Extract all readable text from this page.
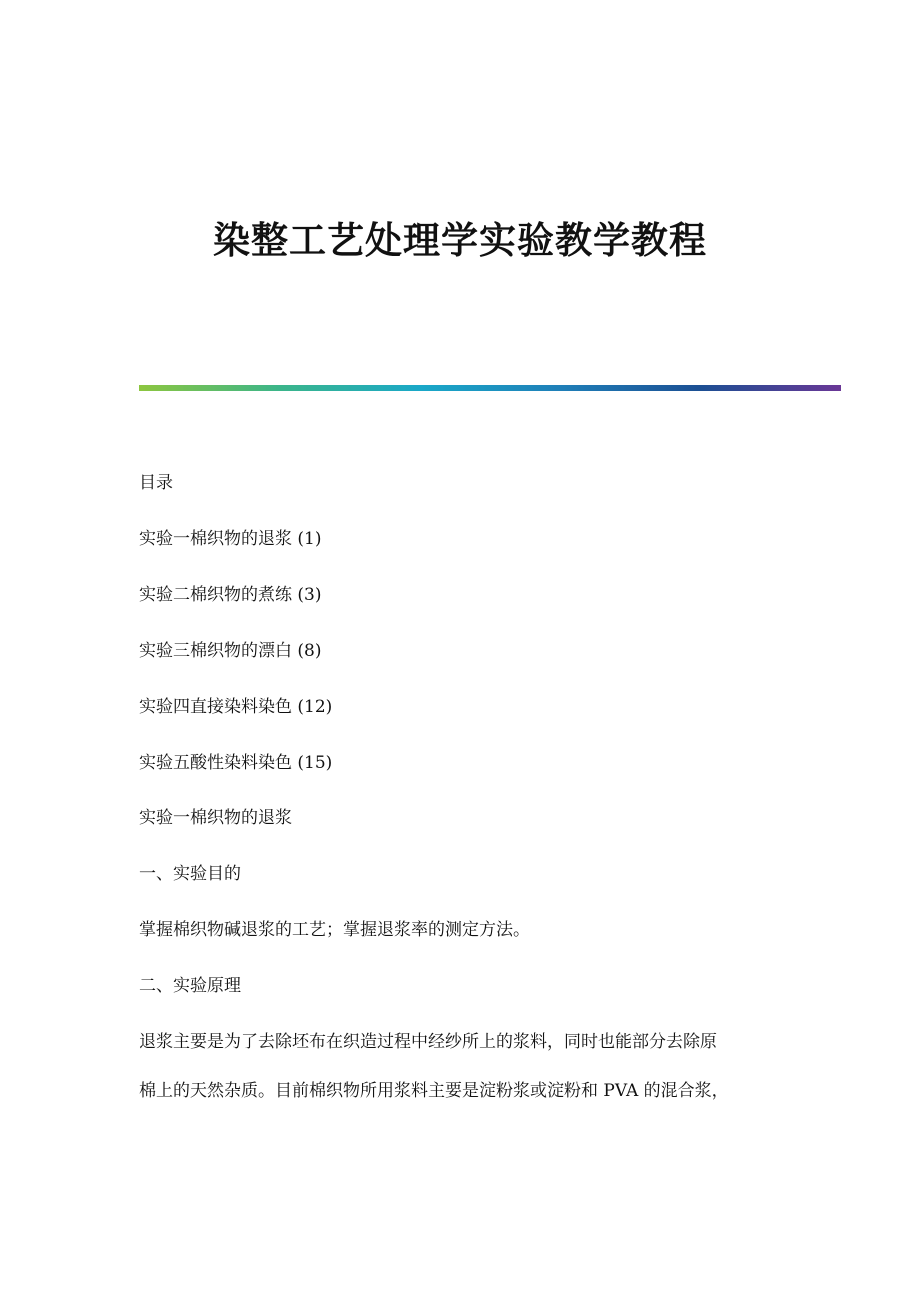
染整工艺处理学实验教学教程

目录

实验一棉织物的退浆 (1)

实验二棉织物的煮练 (3)

实验三棉织物的漂白 (8)

实验四直接染料染色 (12)

实验五酸性染料染色 (15)

实验一棉织物的退浆

一、实验目的

掌握棉织物碱退浆的工艺；掌握退浆率的测定方法。

二、实验原理

退浆主要是为了去除坯布在织造过程中经纱所上的浆料，同时也能部分去除原

棉上的天然杂质。目前棉织物所用浆料主要是淀粉浆或淀粉和 PVA 的混合浆，
